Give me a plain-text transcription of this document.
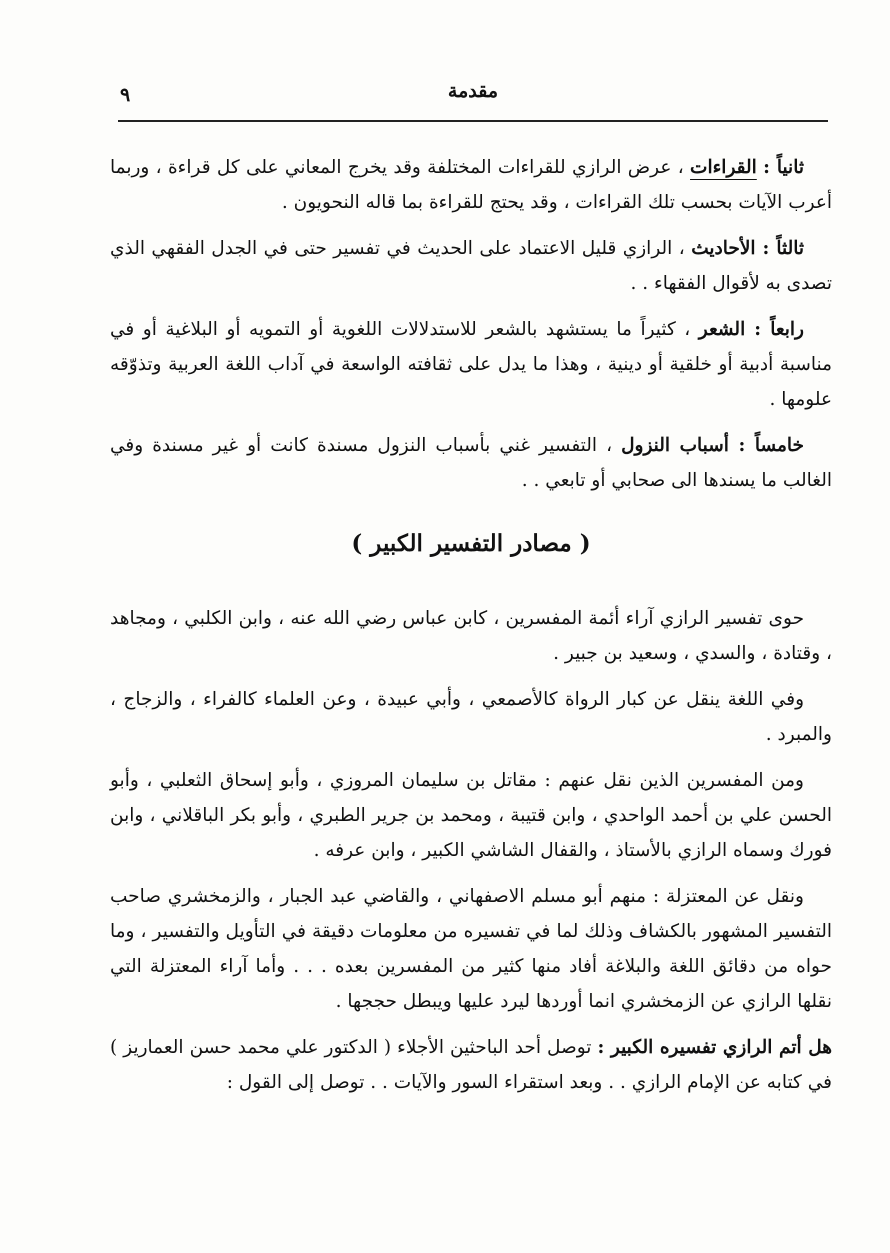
مقدمة
٩

ثانياً : القراءات ، عرض الرازي للقراءات المختلفة وقد يخرج المعاني على كل قراءة ، وربما أعرب الآيات بحسب تلك القراءات ، وقد يحتج للقراءة بما قاله النحويون .

ثالثاً : الأحاديث ، الرازي قليل الاعتماد على الحديث في تفسير حتى في الجدل الفقهي الذي تصدى به لأقوال الفقهاء . .

رابعاً : الشعر ، كثيراً ما يستشهد بالشعر للاستدلالات اللغوية أو التمويه أو البلاغية أو في مناسبة أدبية أو خلقية أو دينية ، وهذا ما يدل على ثقافته الواسعة في آداب اللغة العربية وتذوّقه علومها .

خامساً : أسباب النزول ، التفسير غني بأسباب النزول مسندة كانت أو غير مسندة وفي الغالب ما يسندها الى صحابي أو تابعي . .

( مصادر التفسير الكبير )

حوى تفسير الرازي آراء أئمة المفسرين ، كابن عباس رضي الله عنه ، وابن الكلبي ، ومجاهد ، وقتادة ، والسدي ، وسعيد بن جبير .

وفي اللغة ينقل عن كبار الرواة كالأصمعي ، وأبي عبيدة ، وعن العلماء كالفراء ، والزجاج ، والمبرد .

ومن المفسرين الذين نقل عنهم : مقاتل بن سليمان المروزي ، وأبو إسحاق الثعلبي ، وأبو الحسن علي بن أحمد الواحدي ، وابن قتيبة ، ومحمد بن جرير الطبري ، وأبو بكر الباقلاني ، وابن فورك وسماه الرازي بالأستاذ ، والقفال الشاشي الكبير ، وابن عرفه .

ونقل عن المعتزلة : منهم أبو مسلم الاصفهاني ، والقاضي عبد الجبار ، والزمخشري صاحب التفسير المشهور بالكشاف وذلك لما في تفسيره من معلومات دقيقة في التأويل والتفسير ، وما حواه من دقائق اللغة والبلاغة أفاد منها كثير من المفسرين بعده . . . وأما آراء المعتزلة التي نقلها الرازي عن الزمخشري انما أوردها ليرد عليها ويبطل حججها .

هل أتم الرازي تفسيره الكبير : توصل أحد الباحثين الأجلاء ( الدكتور علي محمد حسن العماريز ) في كتابه عن الإمام الرازي . . وبعد استقراء السور والآيات . . توصل إلى القول :
